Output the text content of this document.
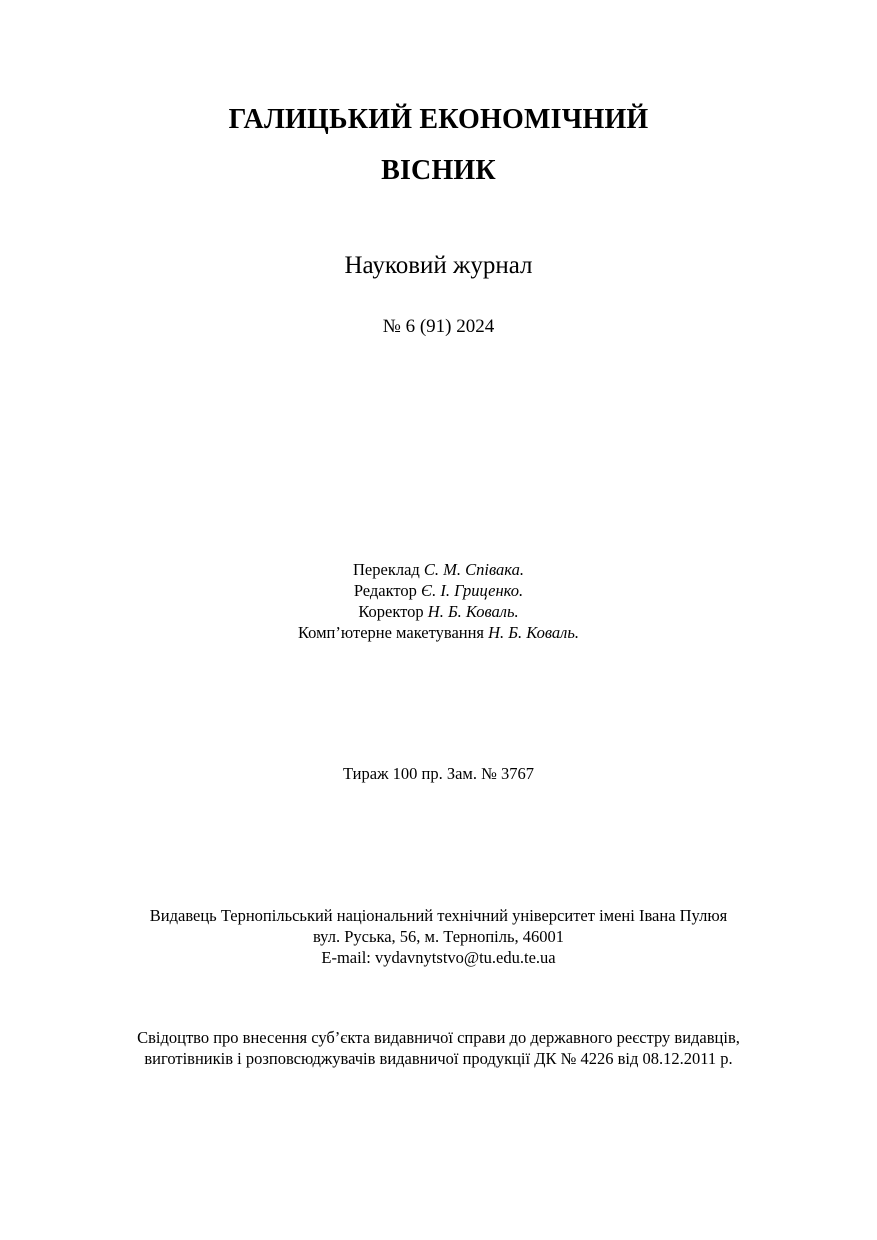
ГАЛИЦЬКИЙ ЕКОНОМІЧНИЙ
ВІСНИК
Науковий журнал
№ 6 (91) 2024
Переклад С. М. Співака.
Редактор Є. І. Гриценко.
Коректор Н. Б. Коваль.
Комп’ютерне макетування Н. Б. Коваль.
Тираж 100 пр. Зам. № 3767
Видавець Тернопільський національний технічний університет імені Івана Пулюя
вул. Руська, 56, м. Тернопіль, 46001
E-mail: vydavnytstvo@tu.edu.te.ua
Свідоцтво про внесення суб’єкта видавничої справи до державного реєстру видавців,
виготівників і розповсюджувачів видавничої продукції ДК № 4226 від 08.12.2011 р.
